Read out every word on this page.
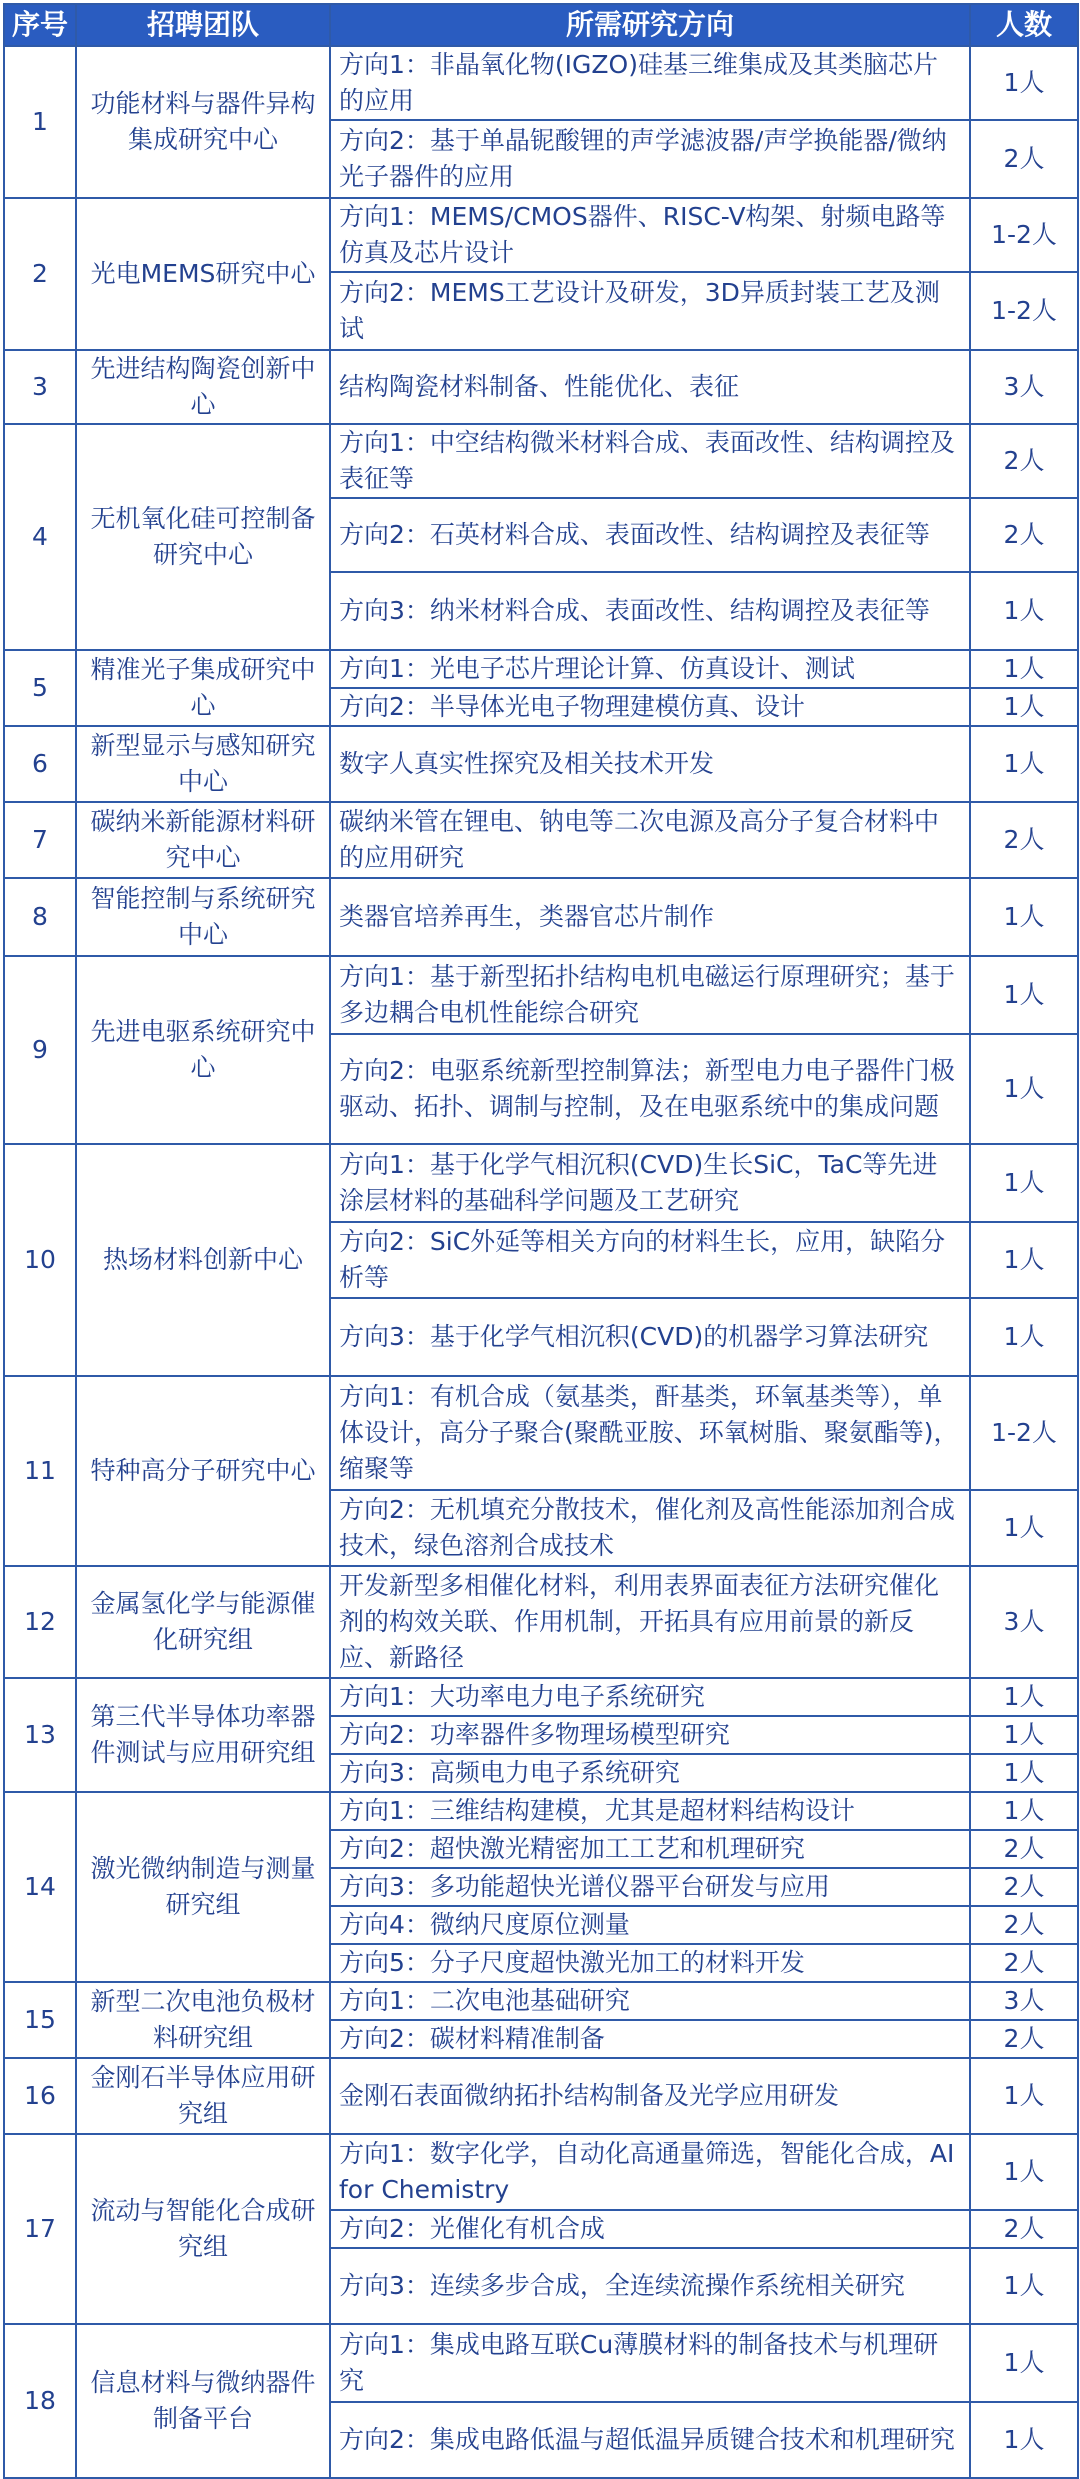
序号	招聘团队	所需研究方向	人数
1	功能材料与器件异构集成研究中心	方向1：非晶氧化物(IGZO)硅基三维集成及其类脑芯片的应用	1人
		方向2：基于单晶铌酸锂的声学滤波器/声学换能器/微纳光子器件的应用	2人
2	光电MEMS研究中心	方向1：MEMS/CMOS器件、RISC-V构架、射频电路等仿真及芯片设计	1-2人
		方向2：MEMS工艺设计及研发，3D异质封装工艺及测试	1-2人
3	先进结构陶瓷创新中心	结构陶瓷材料制备、性能优化、表征	3人
4	无机氧化硅可控制备研究中心	方向1：中空结构微米材料合成、表面改性、结构调控及表征等	2人
		方向2：石英材料合成、表面改性、结构调控及表征等	2人
		方向3：纳米材料合成、表面改性、结构调控及表征等	1人
5	精准光子集成研究中心	方向1：光电子芯片理论计算、仿真设计、测试	1人
		方向2：半导体光电子物理建模仿真、设计	1人
6	新型显示与感知研究中心	数字人真实性探究及相关技术开发	1人
7	碳纳米新能源材料研究中心	碳纳米管在锂电、钠电等二次电源及高分子复合材料中的应用研究	2人
8	智能控制与系统研究中心	类器官培养再生，类器官芯片制作	1人
9	先进电驱系统研究中心	方向1：基于新型拓扑结构电机电磁运行原理研究；基于多边耦合电机性能综合研究	1人
		方向2：电驱系统新型控制算法；新型电力电子器件门极驱动、拓扑、调制与控制，及在电驱系统中的集成问题	1人
10	热场材料创新中心	方向1：基于化学气相沉积(CVD)生长SiC，TaC等先进涂层材料的基础科学问题及工艺研究	1人
		方向2：SiC外延等相关方向的材料生长，应用，缺陷分析等	1人
		方向3：基于化学气相沉积(CVD)的机器学习算法研究	1人
11	特种高分子研究中心	方向1：有机合成（氨基类，酐基类，环氧基类等），单体设计，高分子聚合(聚酰亚胺、环氧树脂、聚氨酯等)，缩聚等	1-2人
		方向2：无机填充分散技术，催化剂及高性能添加剂合成技术，绿色溶剂合成技术	1人
12	金属氢化学与能源催化研究组	开发新型多相催化材料，利用表界面表征方法研究催化剂的构效关联、作用机制，开拓具有应用前景的新反应、新路径	3人
13	第三代半导体功率器件测试与应用研究组	方向1：大功率电力电子系统研究	1人
		方向2：功率器件多物理场模型研究	1人
		方向3：高频电力电子系统研究	1人
14	激光微纳制造与测量研究组	方向1：三维结构建模，尤其是超材料结构设计	1人
		方向2：超快激光精密加工工艺和机理研究	2人
		方向3：多功能超快光谱仪器平台研发与应用	2人
		方向4：微纳尺度原位测量	2人
		方向5：分子尺度超快激光加工的材料开发	2人
15	新型二次电池负极材料研究组	方向1：二次电池基础研究	3人
		方向2：碳材料精准制备	2人
16	金刚石半导体应用研究组	金刚石表面微纳拓扑结构制备及光学应用研发	1人
17	流动与智能化合成研究组	方向1：数字化学，自动化高通量筛选，智能化合成，AI for Chemistry	1人
		方向2：光催化有机合成	2人
		方向3：连续多步合成，全连续流操作系统相关研究	1人
18	信息材料与微纳器件制备平台	方向1：集成电路互联Cu薄膜材料的制备技术与机理研究	1人
		方向2：集成电路低温与超低温异质键合技术和机理研究	1人
